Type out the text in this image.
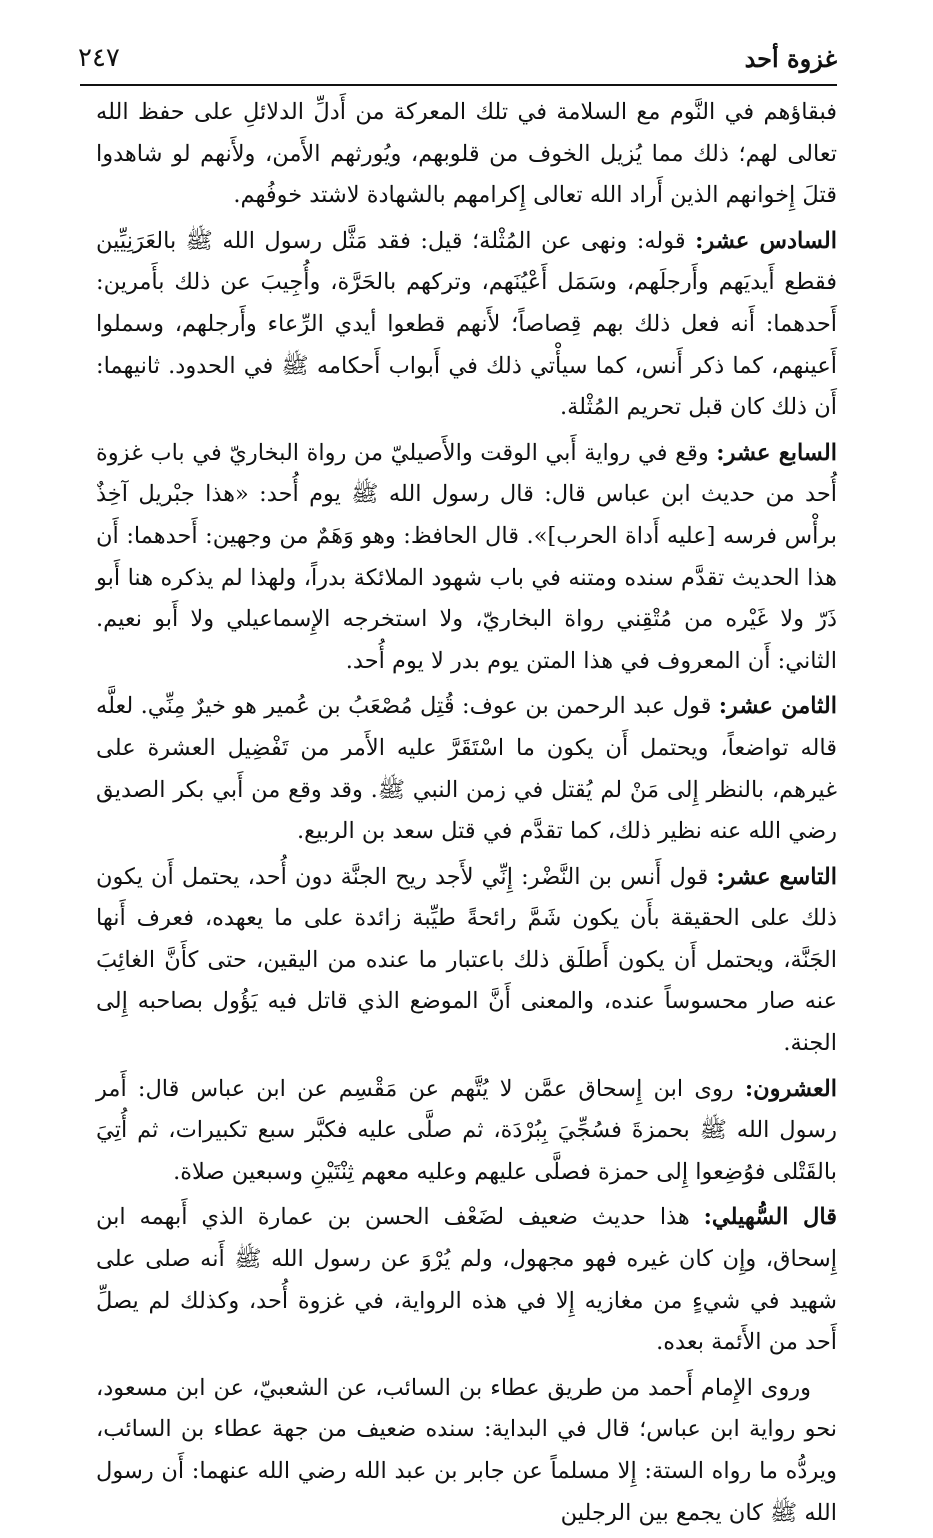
٢٤٧	غزوة أحد

فبقاؤهم في النَّوم مع السلامة في تلك المعركة من أَدلِّ الدلائلِ على حفظ الله تعالى لهم؛ ذلك مما يُزيل الخوف من قلوبهم، ويُورثهم الأَمن، ولأَنهم لو شاهدوا قتلَ إِخوانهم الذين أَراد الله تعالى إِكرامهم بالشهادة لاشتد خوفُهم.

السادس عشر: قوله: ونهى عن المُثْلة؛ قيل: فقد مَثَّل رسول الله ﷺ بالعَرَنِيِّين فقطع أَيديَهم وأَرجلَهم، وسَمَل أَعْيُنَهم، وتركهم بالحَرَّة، وأُجِيبَ عن ذلك بأَمرين: أَحدهما: أَنه فعل ذلك بهم قِصاصاً؛ لأَنهم قطعوا أيدي الرِّعاء وأَرجلهم، وسملوا أَعينهم، كما ذكر أَنس، كما سيأْتي ذلك في أَبواب أَحكامه ﷺ في الحدود. ثانيهما: أَن ذلك كان قبل تحريم المُثْلة.

السابع عشر: وقع في رواية أَبي الوقت والأَصيليّ من رواة البخاريّ في باب غزوة أُحد من حديث ابن عباس قال: قال رسول الله ﷺ يوم أُحد: «هذا جبْريل آخِذٌ برأْس فرسه [عليه أَداة الحرب]». قال الحافظ: وهو وَهَمٌ من وجهين: أَحدهما: أَن هذا الحديث تقدَّم سنده ومتنه في باب شهود الملائكة بدراً، ولهذا لم يذكره هنا أَبو ذَرّ ولا غَيْره من مُتْقِني رواة البخاريّ، ولا استخرجه الإِسماعيلي ولا أَبو نعيم. الثاني: أَن المعروف في هذا المتن يوم بدر لا يوم أُحد.

الثامن عشر: قول عبد الرحمن بن عوف: قُتِل مُصْعَبُ بن عُمير هو خيرٌ مِنِّي. لعلَّه قاله تواضعاً، ويحتمل أَن يكون ما اسْتَقَرَّ عليه الأَمر من تَفْضِيل العشرة على غيرهم، بالنظر إِلى مَنْ لم يُقتل في زمن النبي ﷺ. وقد وقع من أَبي بكر الصديق رضي الله عنه نظير ذلك، كما تقدَّم في قتل سعد بن الربيع.

التاسع عشر: قول أَنس بن النَّضْر: إِنِّي لأَجد ريح الجنَّة دون أُحد، يحتمل أَن يكون ذلك على الحقيقة بأَن يكون شَمَّ رائحةً طيِّبة زائدة على ما يعهده، فعرف أَنها الجَنَّة، ويحتمل أَن يكون أَطلَق ذلك باعتبار ما عنده من اليقين، حتى كأَنَّ الغائِبَ عنه صار محسوساً عنده، والمعنى أَنَّ الموضع الذي قاتل فيه يَؤُول بصاحبه إِلى الجنة.

العشرون: روى ابن إِسحاق عمَّن لا يُتَّهم عن مَقْسِم عن ابن عباس قال: أَمر رسول الله ﷺ بحمزةَ فسُجِّيَ بِبُرْدَة، ثم صلَّى عليه فكبَّر سبع تكبيرات، ثم أُتِيَ بالقَتْلى فوُضِعوا إِلى حمزة فصلَّى عليهم وعليه معهم ثِنْتَيْنِ وسبعين صلاة.

قال السُّهيلي: هذا حديث ضعيف لضَعْف الحسن بن عمارة الذي أَبهمه ابن إِسحاق، وإِن كان غيره فهو مجهول، ولم يُرْوَ عن رسول الله ﷺ أَنه صلى على شهيد في شيءٍ من مغازيه إِلا في هذه الرواية، في غزوة أُحد، وكذلك لم يصلِّ أَحد من الأَئمة بعده.

وروى الإِمام أَحمد من طريق عطاء بن السائب، عن الشعبيّ، عن ابن مسعود، نحو رواية ابن عباس؛ قال في البداية: سنده ضعيف من جهة عطاء بن السائب، ويردُّه ما رواه الستة: إِلا مسلماً عن جابر بن عبد الله رضي الله عنهما: أَن رسول الله ﷺ كان يجمع بين الرجلين
